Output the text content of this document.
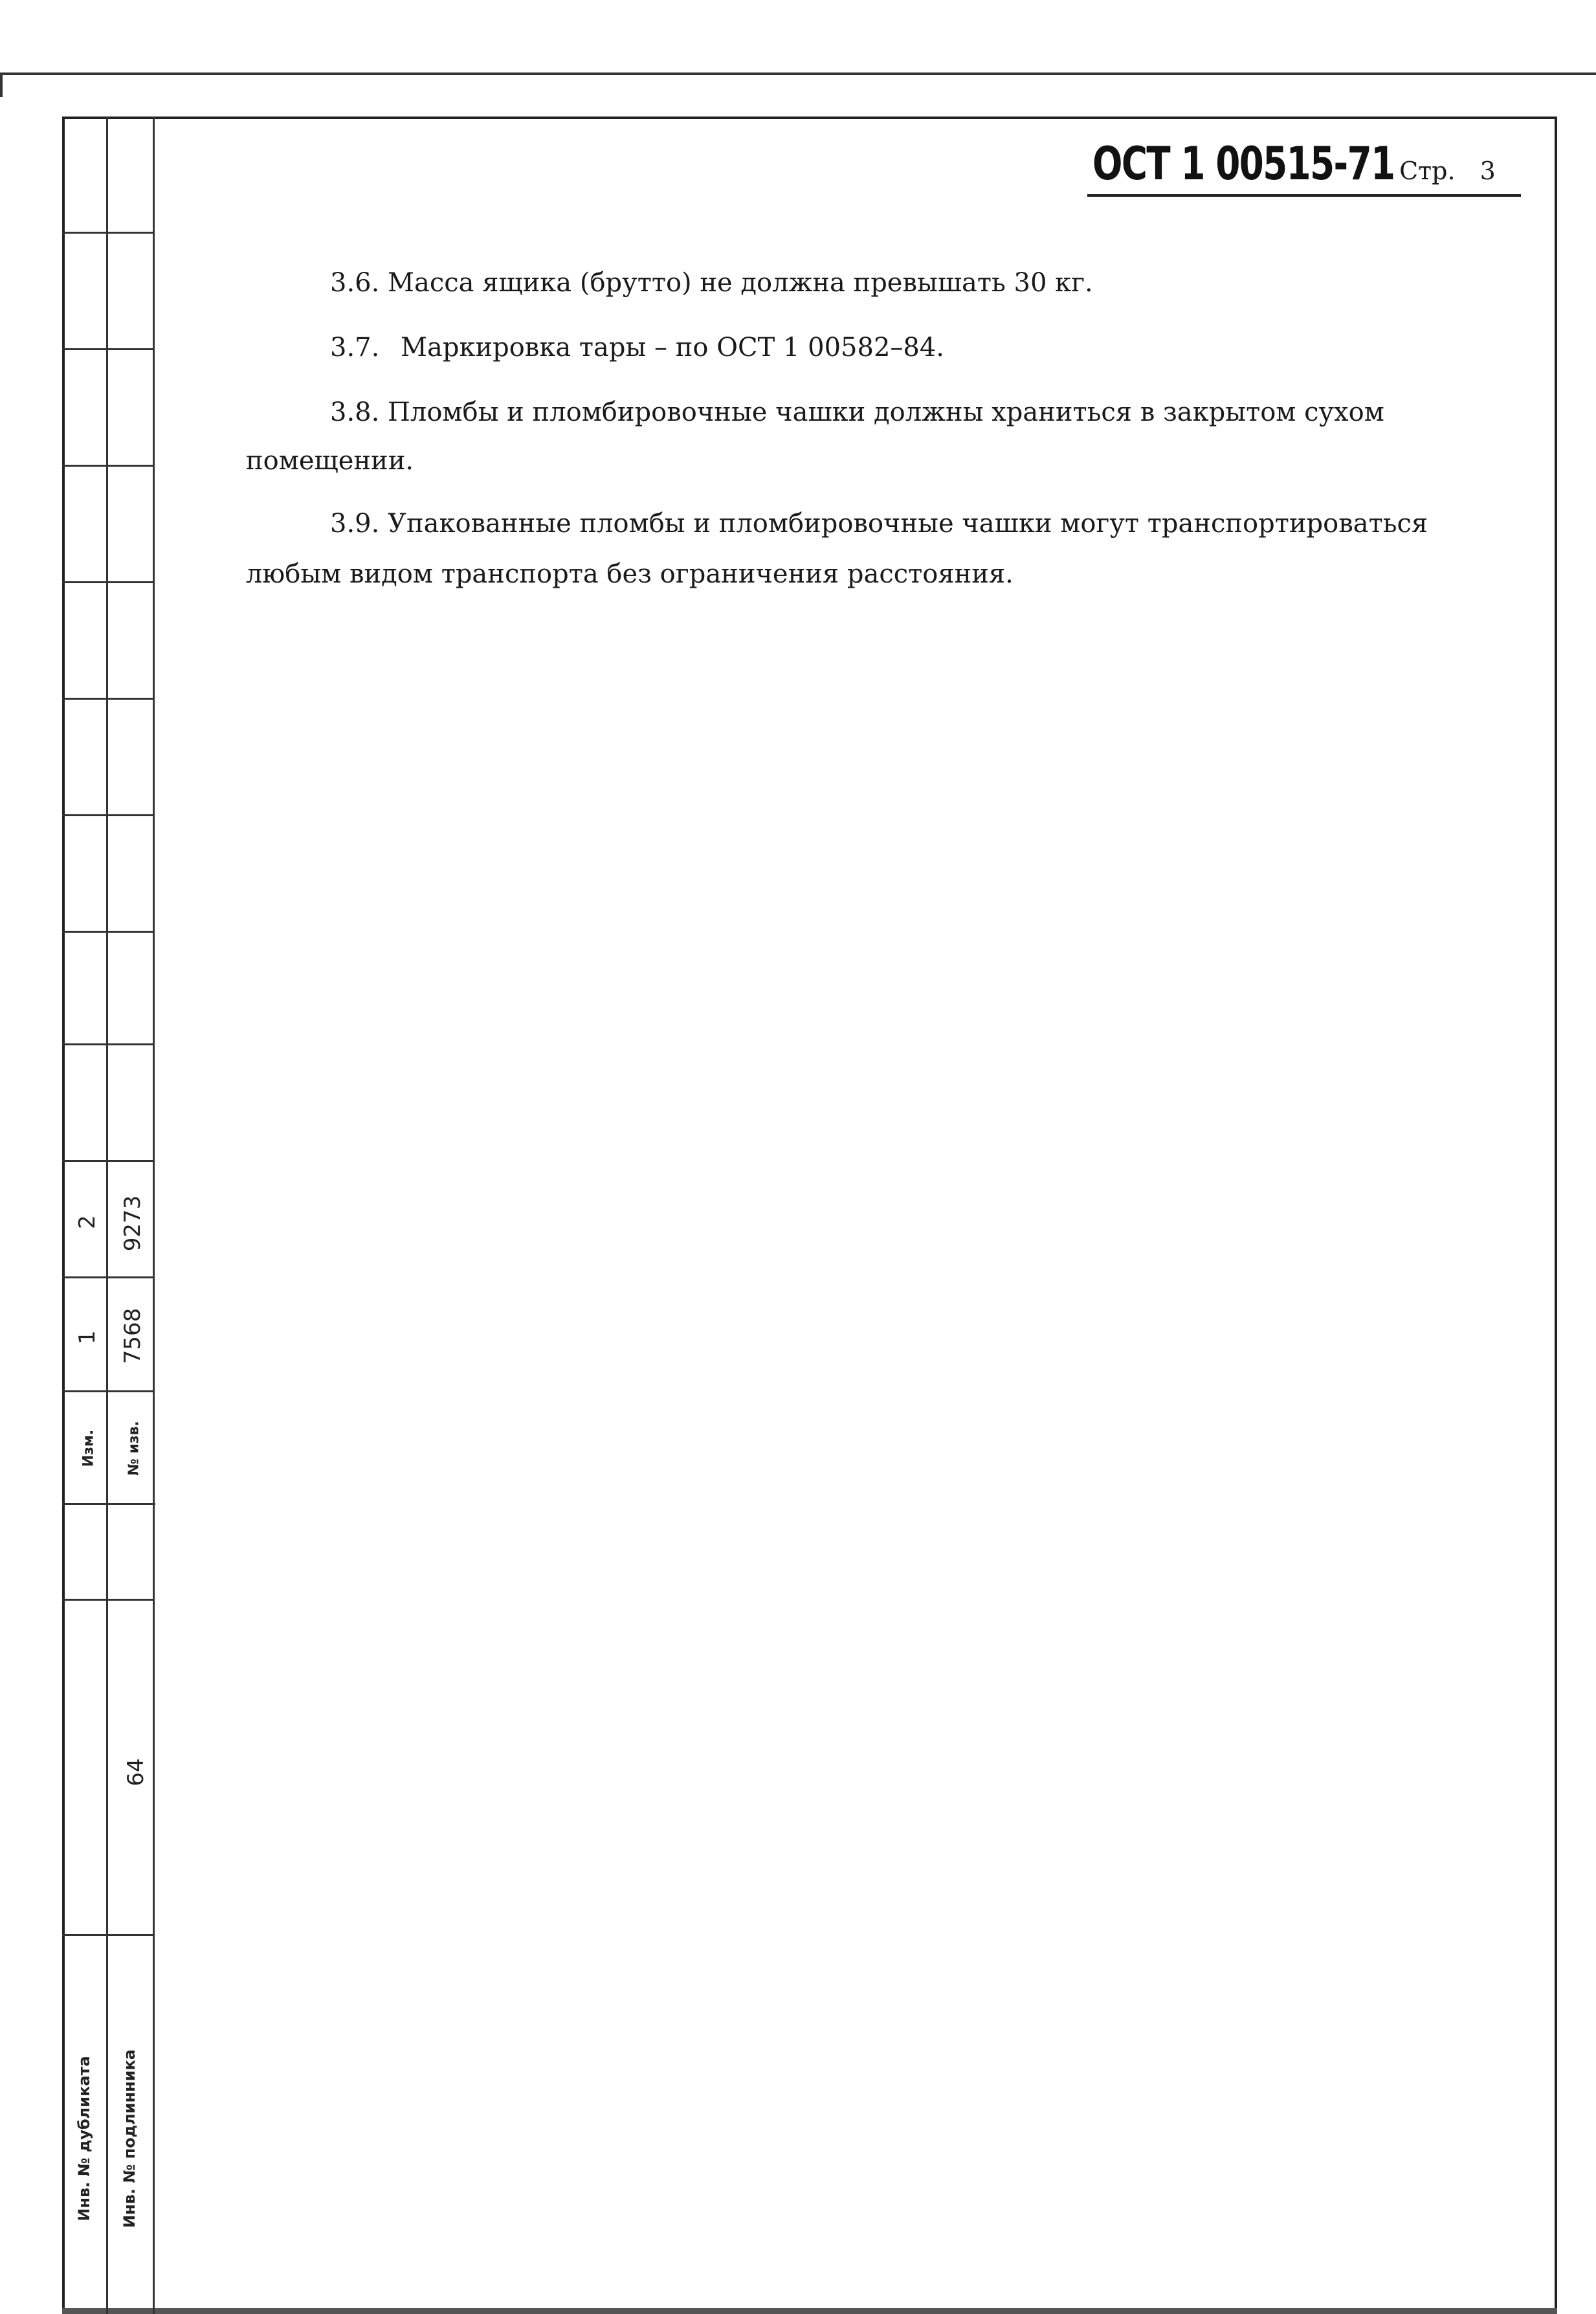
2
1
9273
7568
Изм. № изв.
64
Инв. № дубликата Инв. № подлинника
ОСТ 1 00515-71 Стр. 3
3.6. Масса ящика (брутто) не должна превышать 30 кг.
3.7. Маркировка тары – по ОСТ 1 00582–84.
3.8. Пломбы и пломбировочные чашки должны храниться в закрытом сухом
помещении.
3.9. Упакованные пломбы и пломбировочные чашки могут транспортироваться
любым видом транспорта без ограничения расстояния.
